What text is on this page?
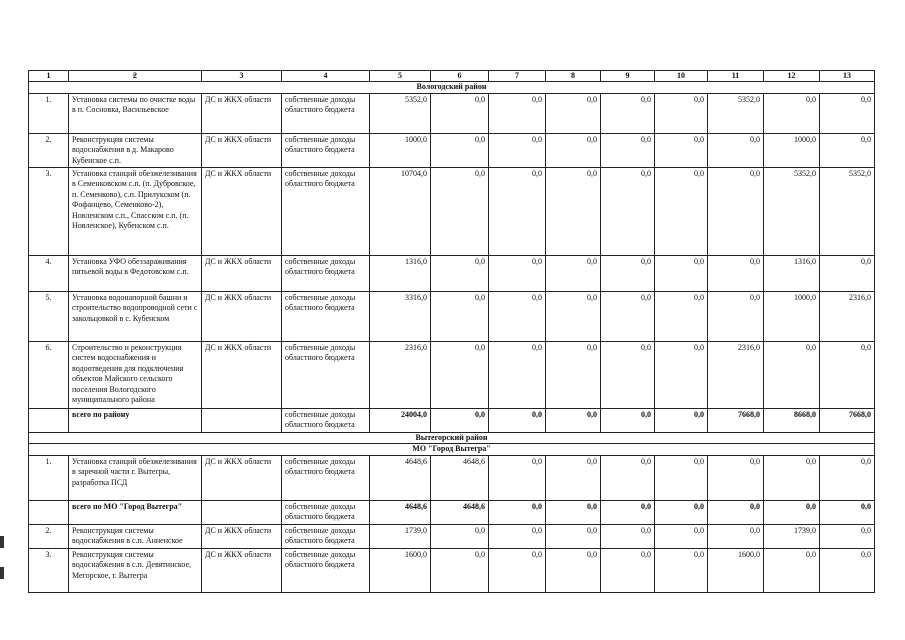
1	2	3	4	5	6	7	8	9	10	11	12	13
Вологодский район												
1.	Установка системы по очистке воды в п. Сосновка, Васильевское	ДС и ЖКХ области	собственные доходы областного бюджета	5352,0	0,0	0,0	0,0	0,0	0,0	5352,0	0,0	0,0
2.	Реконструкция системы водоснабжения в д. Макарово Кубенское с.п.	ДС и ЖКХ области	собственные доходы областного бюджета	1000,0	0,0	0,0	0,0	0,0	0,0	0,0	1000,0	0,0
3.	Установка станций обезжелезивания в Семенковском с.п. (п. Дубровское, п. Семенково), с.п. Прилукском (п. Фофанцево, Семенково-2), Новленском с.п., Спасском с.п. (п. Новленское), Кубенском с.п.	ДС и ЖКХ области	собственные доходы областного бюджета	10704,0	0,0	0,0	0,0	0,0	0,0	0,0	5352,0	5352,0
4.	Установка УФО обеззараживания питьевой воды в Федотовском с.п.	ДС и ЖКХ области	собственные доходы областного бюджета	1316,0	0,0	0,0	0,0	0,0	0,0	0,0	1316,0	0,0
5.	Установка водонапорной башни и строительство водопроводной сети с закольцовкой в с. Кубенском	ДС и ЖКХ области	собственные доходы областного бюджета	3316,0	0,0	0,0	0,0	0,0	0,0	0,0	1000,0	2316,0
6.	Строительство и реконструкция систем водоснабжения и водоотведения для подключения объектов Майского сельского поселения Вологодского муниципального района	ДС и ЖКХ области	собственные доходы областного бюджета	2316,0	0,0	0,0	0,0	0,0	0,0	2316,0	0,0	0,0
	всего по району		собственные доходы областного бюджета	24004,0	0,0	0,0	0,0	0,0	0,0	7668,0	8668,0	7668,0
Вытегорский район												
МО "Город Вытегра"												
1.	Установка станций обезжелезивания в заречной части г. Вытегры, разработка ПСД	ДС и ЖКХ области	собственные доходы областного бюджета	4648,6	4648,6	0,0	0,0	0,0	0,0	0,0	0,0	0,0
	всего по МО "Город Вытегра"		собственные доходы областного бюджета	4648,6	4648,6	0,0	0,0	0,0	0,0	0,0	0,0	0,0
2.	Реконструкция системы водоснабжения в с.п. Анненское	ДС и ЖКХ области	собственные доходы областного бюджета	1739,0	0,0	0,0	0,0	0,0	0,0	0,0	1739,0	0,0
3.	Реконструкция системы водоснабжения в с.п. Девятинское, Мегорское, г. Вытегра	ДС и ЖКХ области	собственные доходы областного бюджета	1600,0	0,0	0,0	0,0	0,0	0,0	1600,0	0,0	0,0
